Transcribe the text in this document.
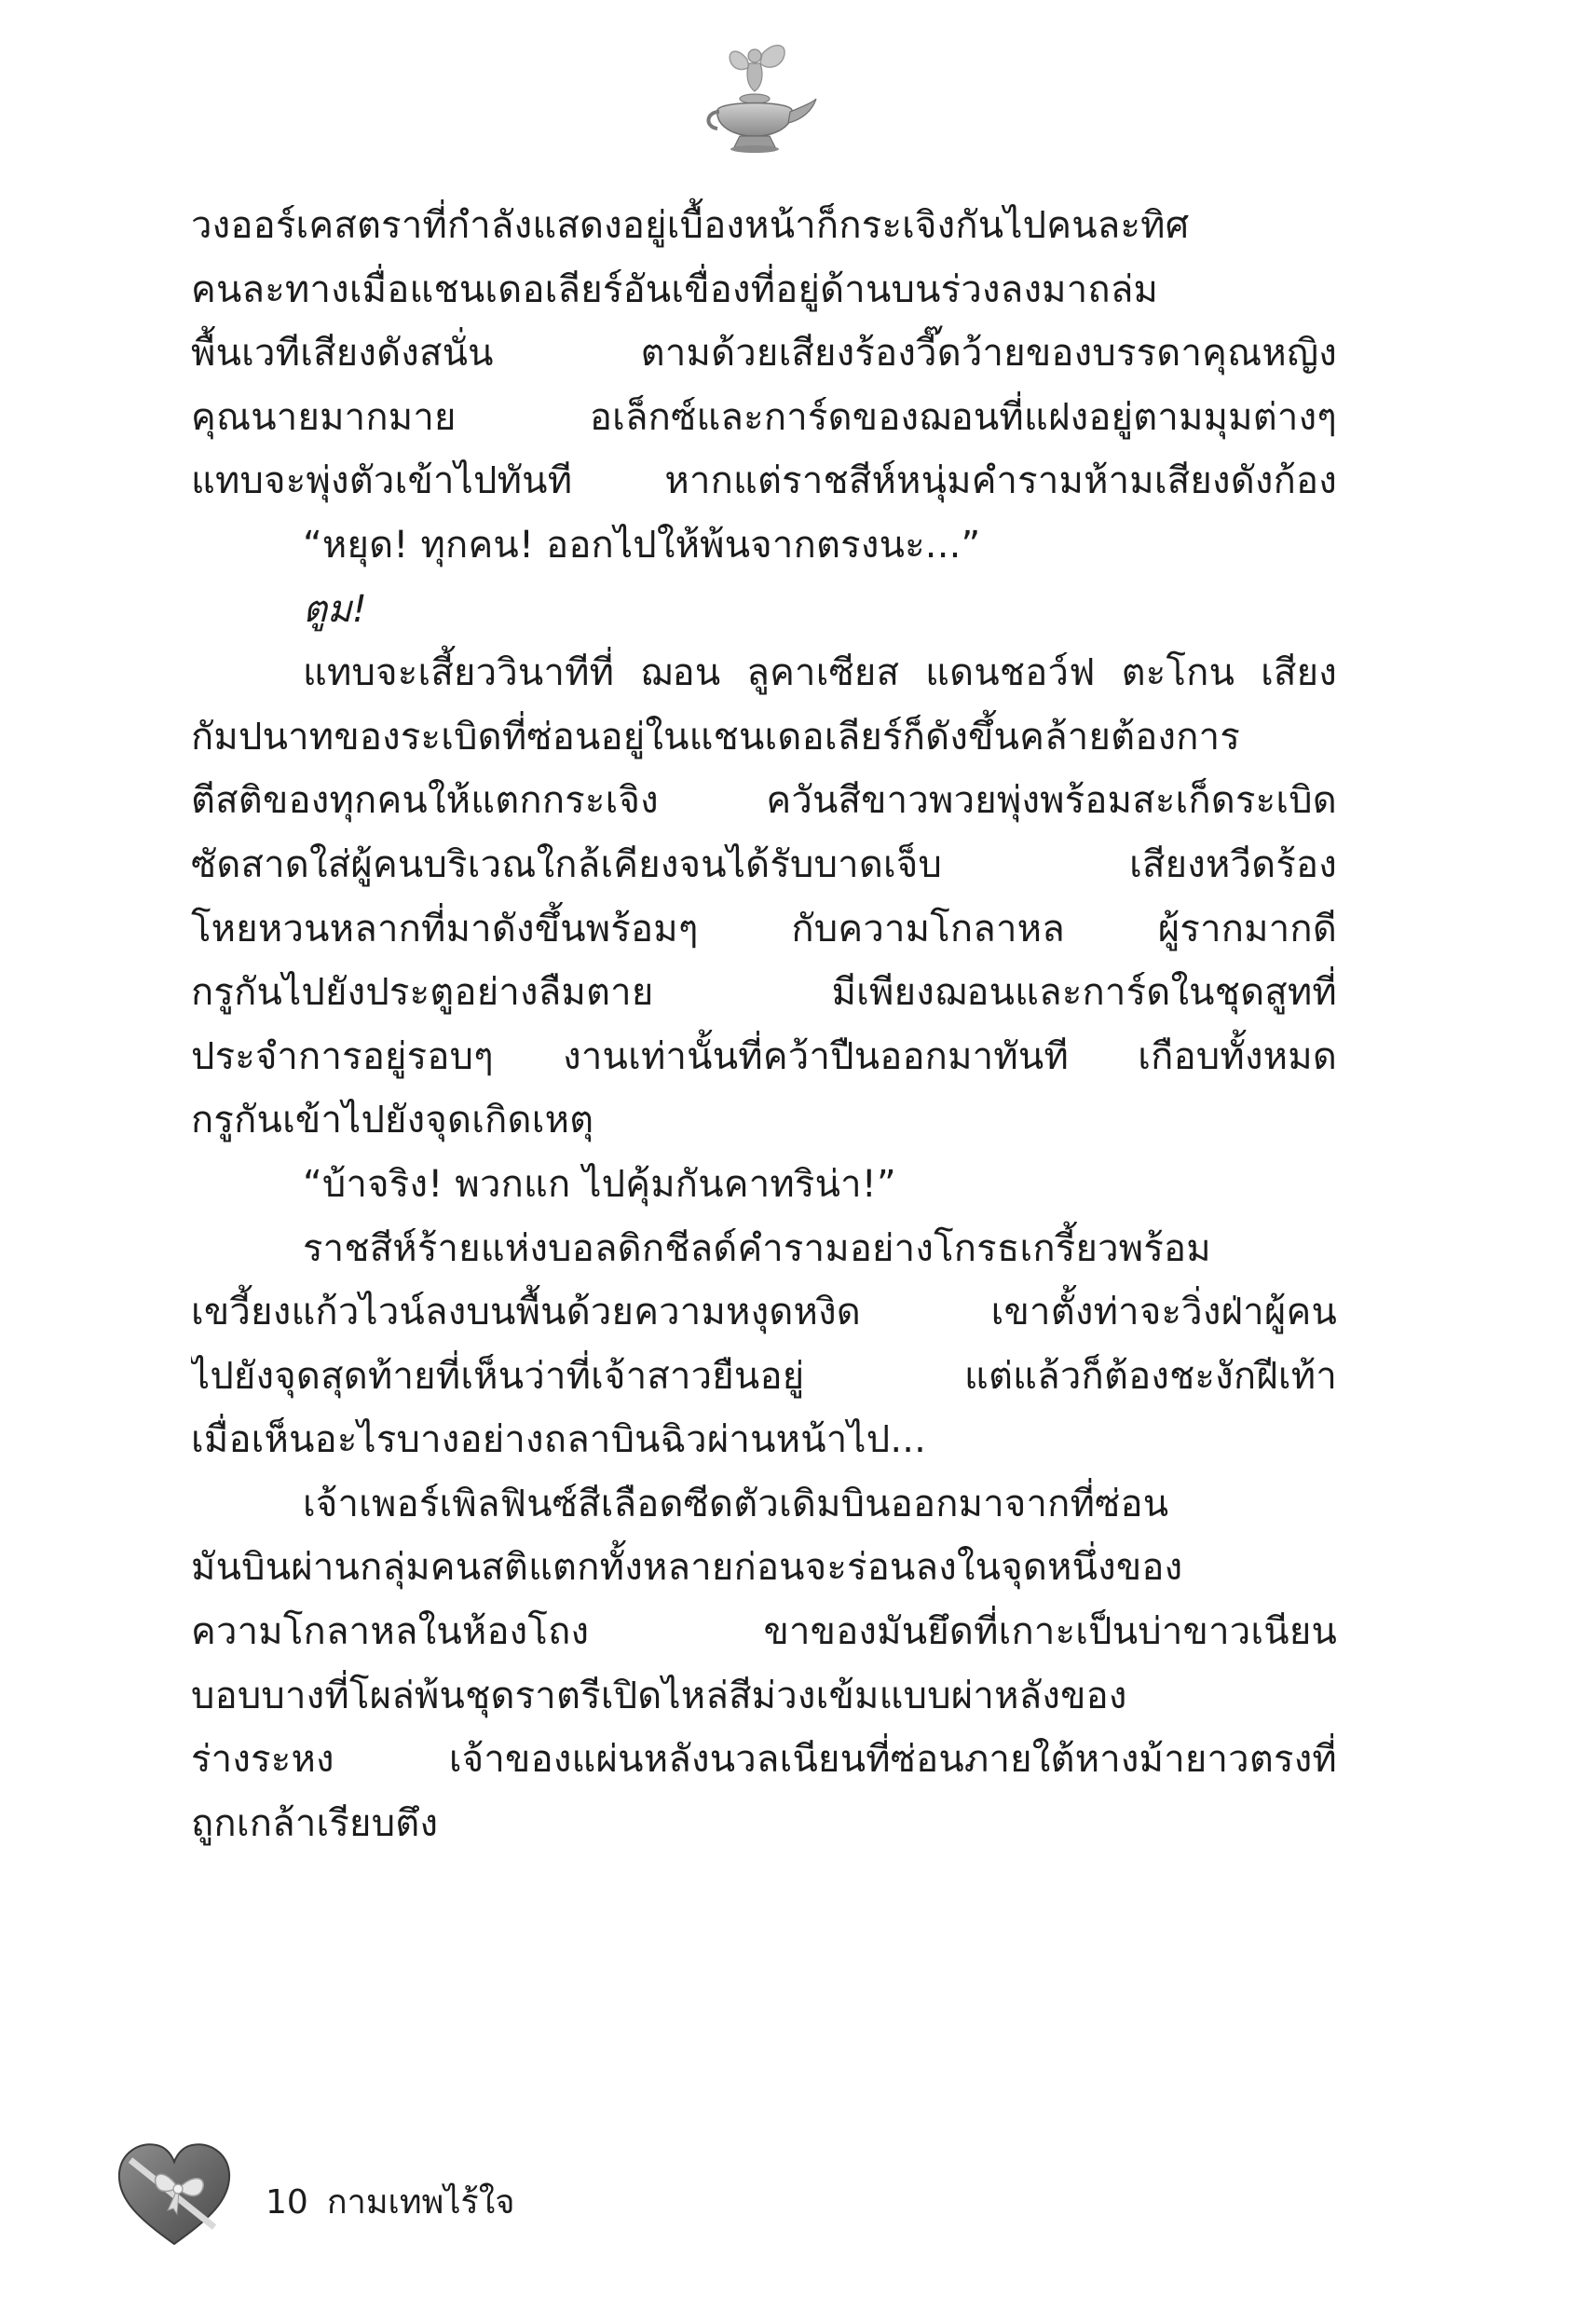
วงออร์เคสตราที่กำลังแสดงอยู่เบื้องหน้าก็กระเจิงกันไปคนละทิศ
คนละทางเมื่อแชนเดอเลียร์อันเขื่องที่อยู่ด้านบนร่วงลงมาถล่ม
พื้นเวทีเสียงดังสนั่น ตามด้วยเสียงร้องวี๊ดว้ายของบรรดาคุณหญิง
คุณนายมากมาย อเล็กซ์และการ์ดของฌอนที่แฝงอยู่ตามมุมต่างๆ
แทบจะพุ่งตัวเข้าไปทันที หากแต่ราชสีห์หนุ่มคำรามห้ามเสียงดังก้อง
“หยุด! ทุกคน! ออกไปให้พ้นจากตรงนะ...”
ตูม!
แทบจะเสี้ยววินาทีที่ ฌอน ลูคาเซียส แดนชอว์ฟ ตะโกน เสียง
กัมปนาทของระเบิดที่ซ่อนอยู่ในแชนเดอเลียร์ก็ดังขึ้นคล้ายต้องการ
ตีสติของทุกคนให้แตกกระเจิง ควันสีขาวพวยพุ่งพร้อมสะเก็ดระเบิด
ซัดสาดใส่ผู้คนบริเวณใกล้เคียงจนได้รับบาดเจ็บ เสียงหวีดร้อง
โหยหวนหลากที่มาดังขึ้นพร้อมๆ กับความโกลาหล ผู้รากมากดี
กรูกันไปยังประตูอย่างลืมตาย มีเพียงฌอนและการ์ดในชุดสูทที่
ประจำการอยู่รอบๆ งานเท่านั้นที่คว้าปืนออกมาทันที เกือบทั้งหมด
กรูกันเข้าไปยังจุดเกิดเหตุ
“บ้าจริง! พวกแก ไปคุ้มกันคาทริน่า!”
ราชสีห์ร้ายแห่งบอลดิกชีลด์คำรามอย่างโกรธเกรี้ยวพร้อม
เขวี้ยงแก้วไวน์ลงบนพื้นด้วยความหงุดหงิด เขาตั้งท่าจะวิ่งฝ่าผู้คน
ไปยังจุดสุดท้ายที่เห็นว่าที่เจ้าสาวยืนอยู่ แต่แล้วก็ต้องชะงักฝีเท้า
เมื่อเห็นอะไรบางอย่างถลาบินฉิวผ่านหน้าไป...
เจ้าเพอร์เพิลฟินซ์สีเลือดซีดตัวเดิมบินออกมาจากที่ซ่อน
มันบินผ่านกลุ่มคนสติแตกทั้งหลายก่อนจะร่อนลงในจุดหนึ่งของ
ความโกลาหลในห้องโถง ขาของมันยึดที่เกาะเป็นบ่าขาวเนียน
บอบบางที่โผล่พ้นชุดราตรีเปิดไหล่สีม่วงเข้มแบบผ่าหลังของ
ร่างระหง เจ้าของแผ่นหลังนวลเนียนที่ซ่อนภายใต้หางม้ายาวตรงที่
ถูกเกล้าเรียบตึง
10 กามเทพไร้ใจ
